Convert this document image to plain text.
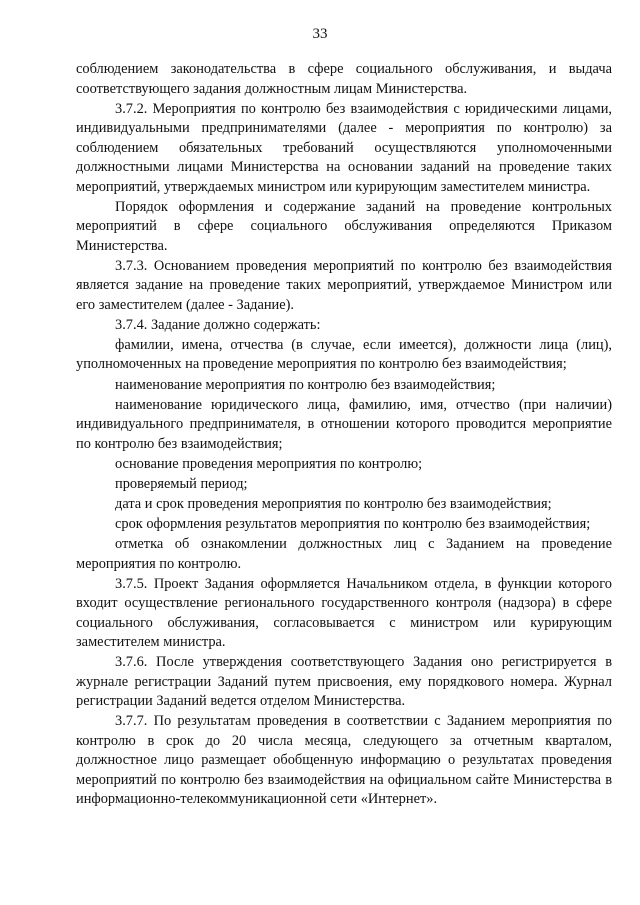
33

соблюдением законодательства в сфере социального обслуживания, и выдача соответствующего задания должностным лицам Министерства.

3.7.2. Мероприятия по контролю без взаимодействия с юридическими лицами, индивидуальными предпринимателями (далее - мероприятия по контролю) за соблюдением обязательных требований осуществляются уполномоченными должностными лицами Министерства на основании заданий на проведение таких мероприятий, утверждаемых министром или курирующим заместителем министра.

Порядок оформления и содержание заданий на проведение контрольных мероприятий в сфере социального обслуживания определяются Приказом Министерства.

3.7.3. Основанием проведения мероприятий по контролю без взаимодействия является задание на проведение таких мероприятий, утверждаемое Министром или его заместителем (далее - Задание).

3.7.4. Задание должно содержать:

фамилии, имена, отчества (в случае, если имеется), должности лица (лиц), уполномоченных на проведение мероприятия по контролю без взаимодействия;

наименование мероприятия по контролю без взаимодействия;

наименование юридического лица, фамилию, имя, отчество (при наличии) индивидуального предпринимателя, в отношении которого проводится мероприятие по контролю без взаимодействия;

основание проведения мероприятия по контролю;

проверяемый период;

дата и срок проведения мероприятия по контролю без взаимодействия;

срок оформления результатов мероприятия по контролю без взаимодействия;

отметка об ознакомлении должностных лиц с Заданием на проведение мероприятия по контролю.

3.7.5. Проект Задания оформляется Начальником отдела, в функции которого входит осуществление регионального государственного контроля (надзора) в сфере социального обслуживания, согласовывается с министром или курирующим заместителем министра.

3.7.6. После утверждения соответствующего Задания оно регистрируется в журнале регистрации Заданий путем присвоения, ему порядкового номера. Журнал регистрации Заданий ведется отделом Министерства.

3.7.7. По результатам проведения в соответствии с Заданием мероприятия по контролю в срок до 20 числа месяца, следующего за отчетным кварталом, должностное лицо размещает обобщенную информацию о результатах проведения мероприятий по контролю без взаимодействия на официальном сайте Министерства в информационно-телекоммуникационной сети «Интернет».
